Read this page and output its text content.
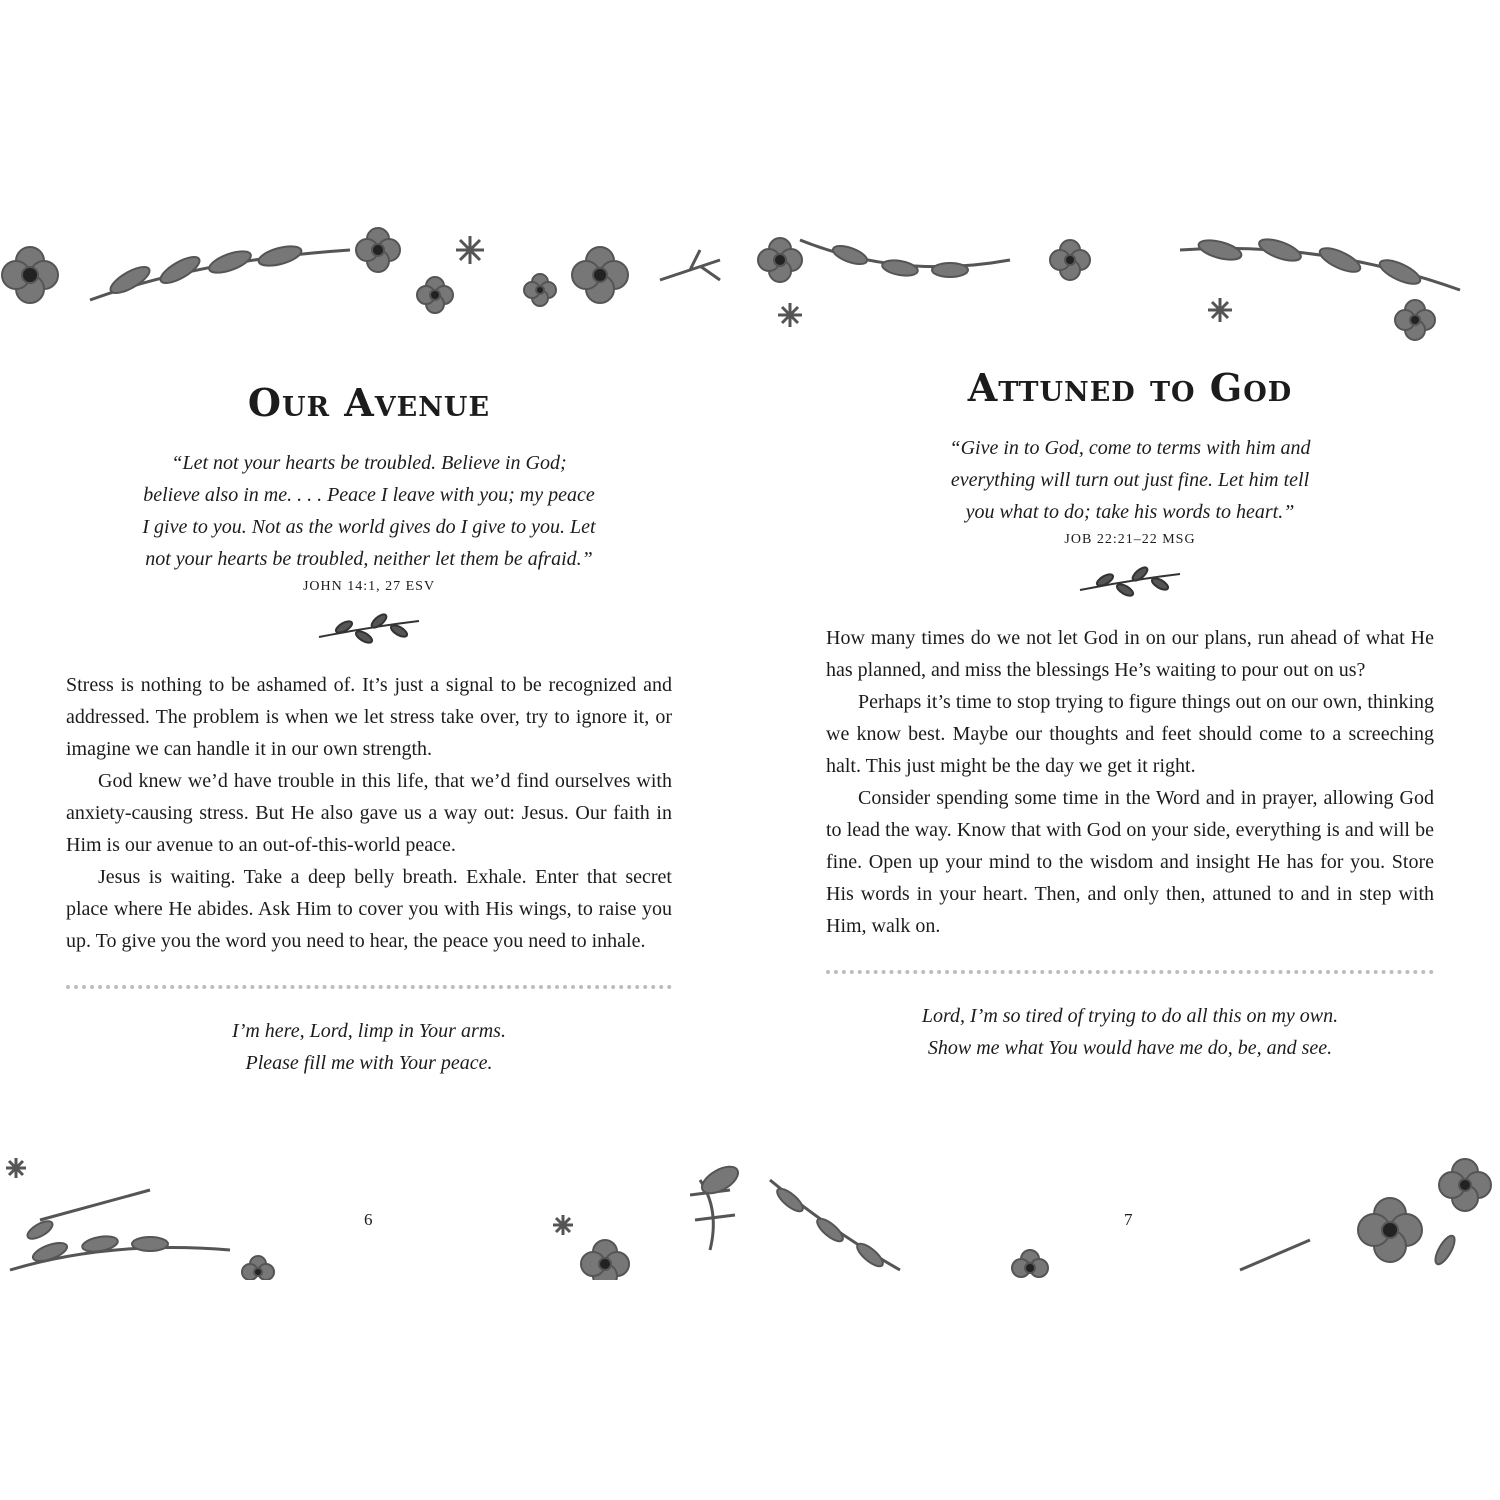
Our Avenue
“Let not your hearts be troubled. Believe in God;
believe also in me. . . . Peace I leave with you; my peace
I give to you. Not as the world gives do I give to you. Let
not your hearts be troubled, neither let them be afraid.”
JOHN 14:1, 27 ESV

Stress is nothing to be ashamed of. It’s just a signal to be recognized and addressed. The problem is when we let stress take over, try to ignore it, or imagine we can handle it in our own strength.

God knew we’d have trouble in this life, that we’d find ourselves with anxiety-causing stress. But He also gave us a way out: Jesus. Our faith in Him is our avenue to an out-of-this-world peace.

Jesus is waiting. Take a deep belly breath. Exhale. Enter that secret place where He abides. Ask Him to cover you with His wings, to raise you up. To give you the word you need to hear, the peace you need to inhale.

I’m here, Lord, limp in Your arms.
Please fill me with Your peace.
Attuned to God
“Give in to God, come to terms with him and
everything will turn out just fine. Let him tell
you what to do; take his words to heart.”
JOB 22:21–22 MSG

How many times do we not let God in on our plans, run ahead of what He has planned, and miss the blessings He’s waiting to pour out on us?

Perhaps it’s time to stop trying to figure things out on our own, thinking we know best. Maybe our thoughts and feet should come to a screeching halt. This just might be the day we get it right.

Consider spending some time in the Word and in prayer, allowing God to lead the way. Know that with God on your side, everything is and will be fine. Open up your mind to the wisdom and insight He has for you. Store His words in your heart. Then, and only then, attuned to and in step with Him, walk on.

Lord, I’m so tired of trying to do all this on my own.
Show me what You would have me do, be, and see.
6	7
